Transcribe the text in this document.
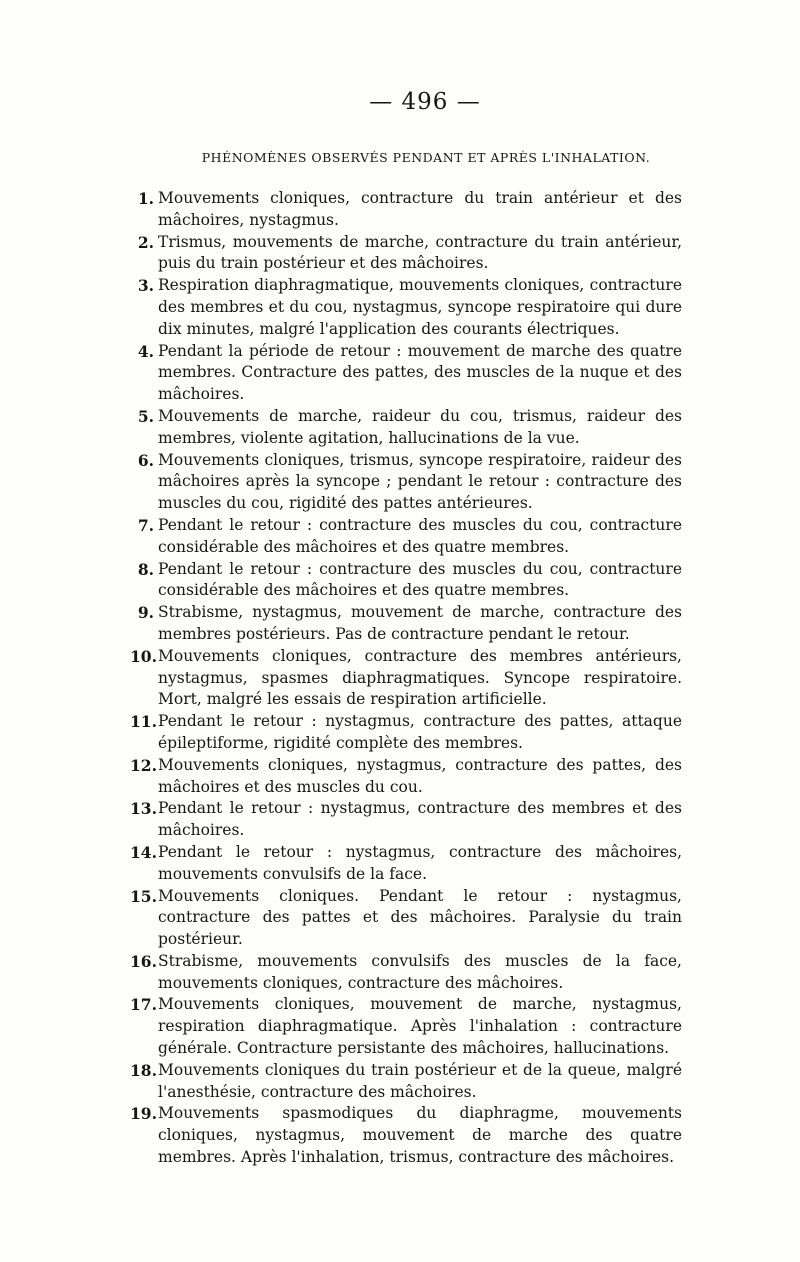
— 496 —
PHÉNOMÈNES OBSERVÉS PENDANT ET APRÈS L'INHALATION.
1. Mouvements cloniques, contracture du train antérieur et des mâchoires, nystagmus.
2. Trismus, mouvements de marche, contracture du train antérieur, puis du train postérieur et des mâchoires.
3. Respiration diaphragmatique, mouvements cloniques, contracture des membres et du cou, nystagmus, syncope respiratoire qui dure dix minutes, malgré l'application des courants électriques.
4. Pendant la période de retour : mouvement de marche des quatre membres. Contracture des pattes, des muscles de la nuque et des mâchoires.
5. Mouvements de marche, raideur du cou, trismus, raideur des membres, violente agitation, hallucinations de la vue.
6. Mouvements cloniques, trismus, syncope respiratoire, raideur des mâchoires après la syncope ; pendant le retour : contracture des muscles du cou, rigidité des pattes antérieures.
7. Pendant le retour : contracture des muscles du cou, contracture considérable des mâchoires et des quatre membres.
8. Pendant le retour : contracture des muscles du cou, contracture considérable des mâchoires et des quatre membres.
9. Strabisme, nystagmus, mouvement de marche, contracture des membres postérieurs. Pas de contracture pendant le retour.
10. Mouvements cloniques, contracture des membres antérieurs, nystagmus, spasmes diaphragmatiques. Syncope respiratoire. Mort, malgré les essais de respiration artificielle.
11. Pendant le retour : nystagmus, contracture des pattes, attaque épileptiforme, rigidité complète des membres.
12. Mouvements cloniques, nystagmus, contracture des pattes, des mâchoires et des muscles du cou.
13. Pendant le retour : nystagmus, contracture des membres et des mâchoires.
14. Pendant le retour : nystagmus, contracture des mâchoires, mouvements convulsifs de la face.
15. Mouvements cloniques. Pendant le retour : nystagmus, contracture des pattes et des mâchoires. Paralysie du train postérieur.
16. Strabisme, mouvements convulsifs des muscles de la face, mouvements cloniques, contracture des mâchoires.
17. Mouvements cloniques, mouvement de marche, nystagmus, respiration diaphragmatique. Après l'inhalation : contracture générale. Contracture persistante des mâchoires, hallucinations.
18. Mouvements cloniques du train postérieur et de la queue, malgré l'anesthésie, contracture des mâchoires.
19. Mouvements spasmodiques du diaphragme, mouvements cloniques, nystagmus, mouvement de marche des quatre membres. Après l'inhalation, trismus, contracture des mâchoires.
